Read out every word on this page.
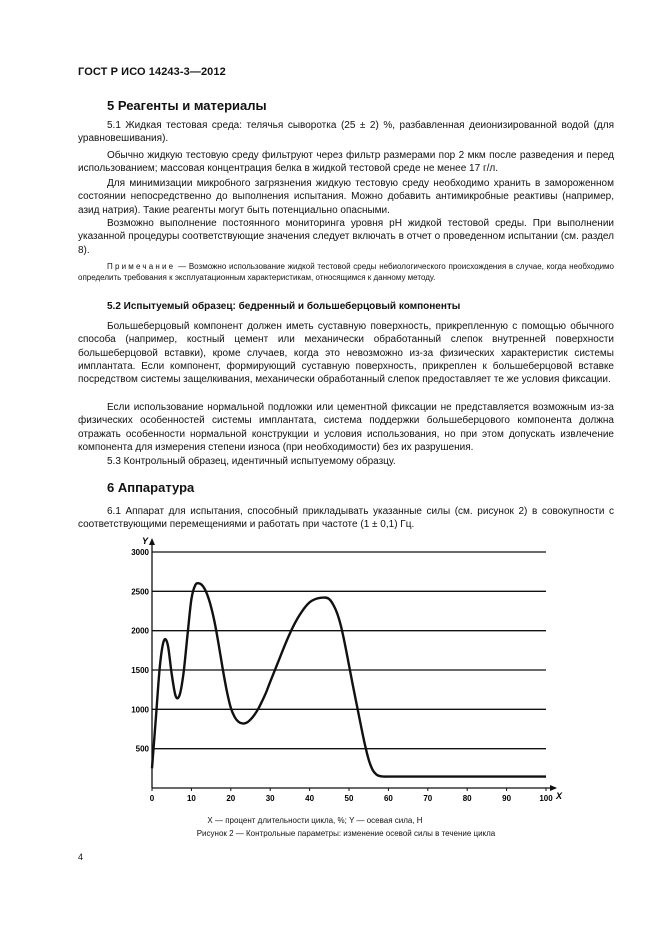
ГОСТ Р ИСО 14243-3—2012
5 Реагенты и материалы

5.1 Жидкая тестовая среда: телячья сыворотка (25 ± 2) %, разбавленная деионизированной водой (для уравновешивания).

Обычно жидкую тестовую среду фильтруют через фильтр размерами пор 2 мкм после разведения и перед использованием; массовая концентрация белка в жидкой тестовой среде не менее 17 г/л.

Для минимизации микробного загрязнения жидкую тестовую среду необходимо хранить в замороженном состоянии непосредственно до выполнения испытания. Можно добавить антимикробные реактивы (например, азид натрия). Такие реагенты могут быть потенциально опасными.

Возможно выполнение постоянного мониторинга уровня pH жидкой тестовой среды. При выполнении указанной процедуры соответствующие значения следует включать в отчет о проведенном испытании (см. раздел 8).

Примечание — Возможно использование жидкой тестовой среды небиологического происхождения в случае, когда необходимо определить требования к эксплуатационным характеристикам, относящимся к данному методу.

5.2 Испытуемый образец: бедренный и большеберцовый компоненты

Большеберцовый компонент должен иметь суставную поверхность, прикрепленную с помощью обычного способа (например, костный цемент или механически обработанный слепок внутренней поверхности большеберцовой вставки), кроме случаев, когда это невозможно из-за физических характеристик системы имплантата. Если компонент, формирующий суставную поверхность, прикреплен к большеберцовой вставке посредством системы защелкивания, механически обработанный слепок предоставляет те же условия фиксации.

Если использование нормальной подложки или цементной фиксации не представляется возможным из-за физических особенностей системы имплантата, система поддержки большеберцового компонента должна отражать особенности нормальной конструкции и условия использования, но при этом допускать извлечение компонента для измерения степени износа (при необходимости) без их разрушения.

5.3 Контрольный образец, идентичный испытуемому образцу.

6 Аппаратура

6.1 Аппарат для испытания, способный прикладывать указанные силы (см. рисунок 2) в совокупности с соответствующими перемещениями и работать при частоте (1 ± 0,1) Гц.

500
1000
1500
2000
2500
3000
0	10	20	30	40	50	60	70	80	90	100
Y
X
X — процент длительности цикла, %; Y — осевая сила, Н
Рисунок 2 — Контрольные параметры: изменение осевой силы в течение цикла
4
